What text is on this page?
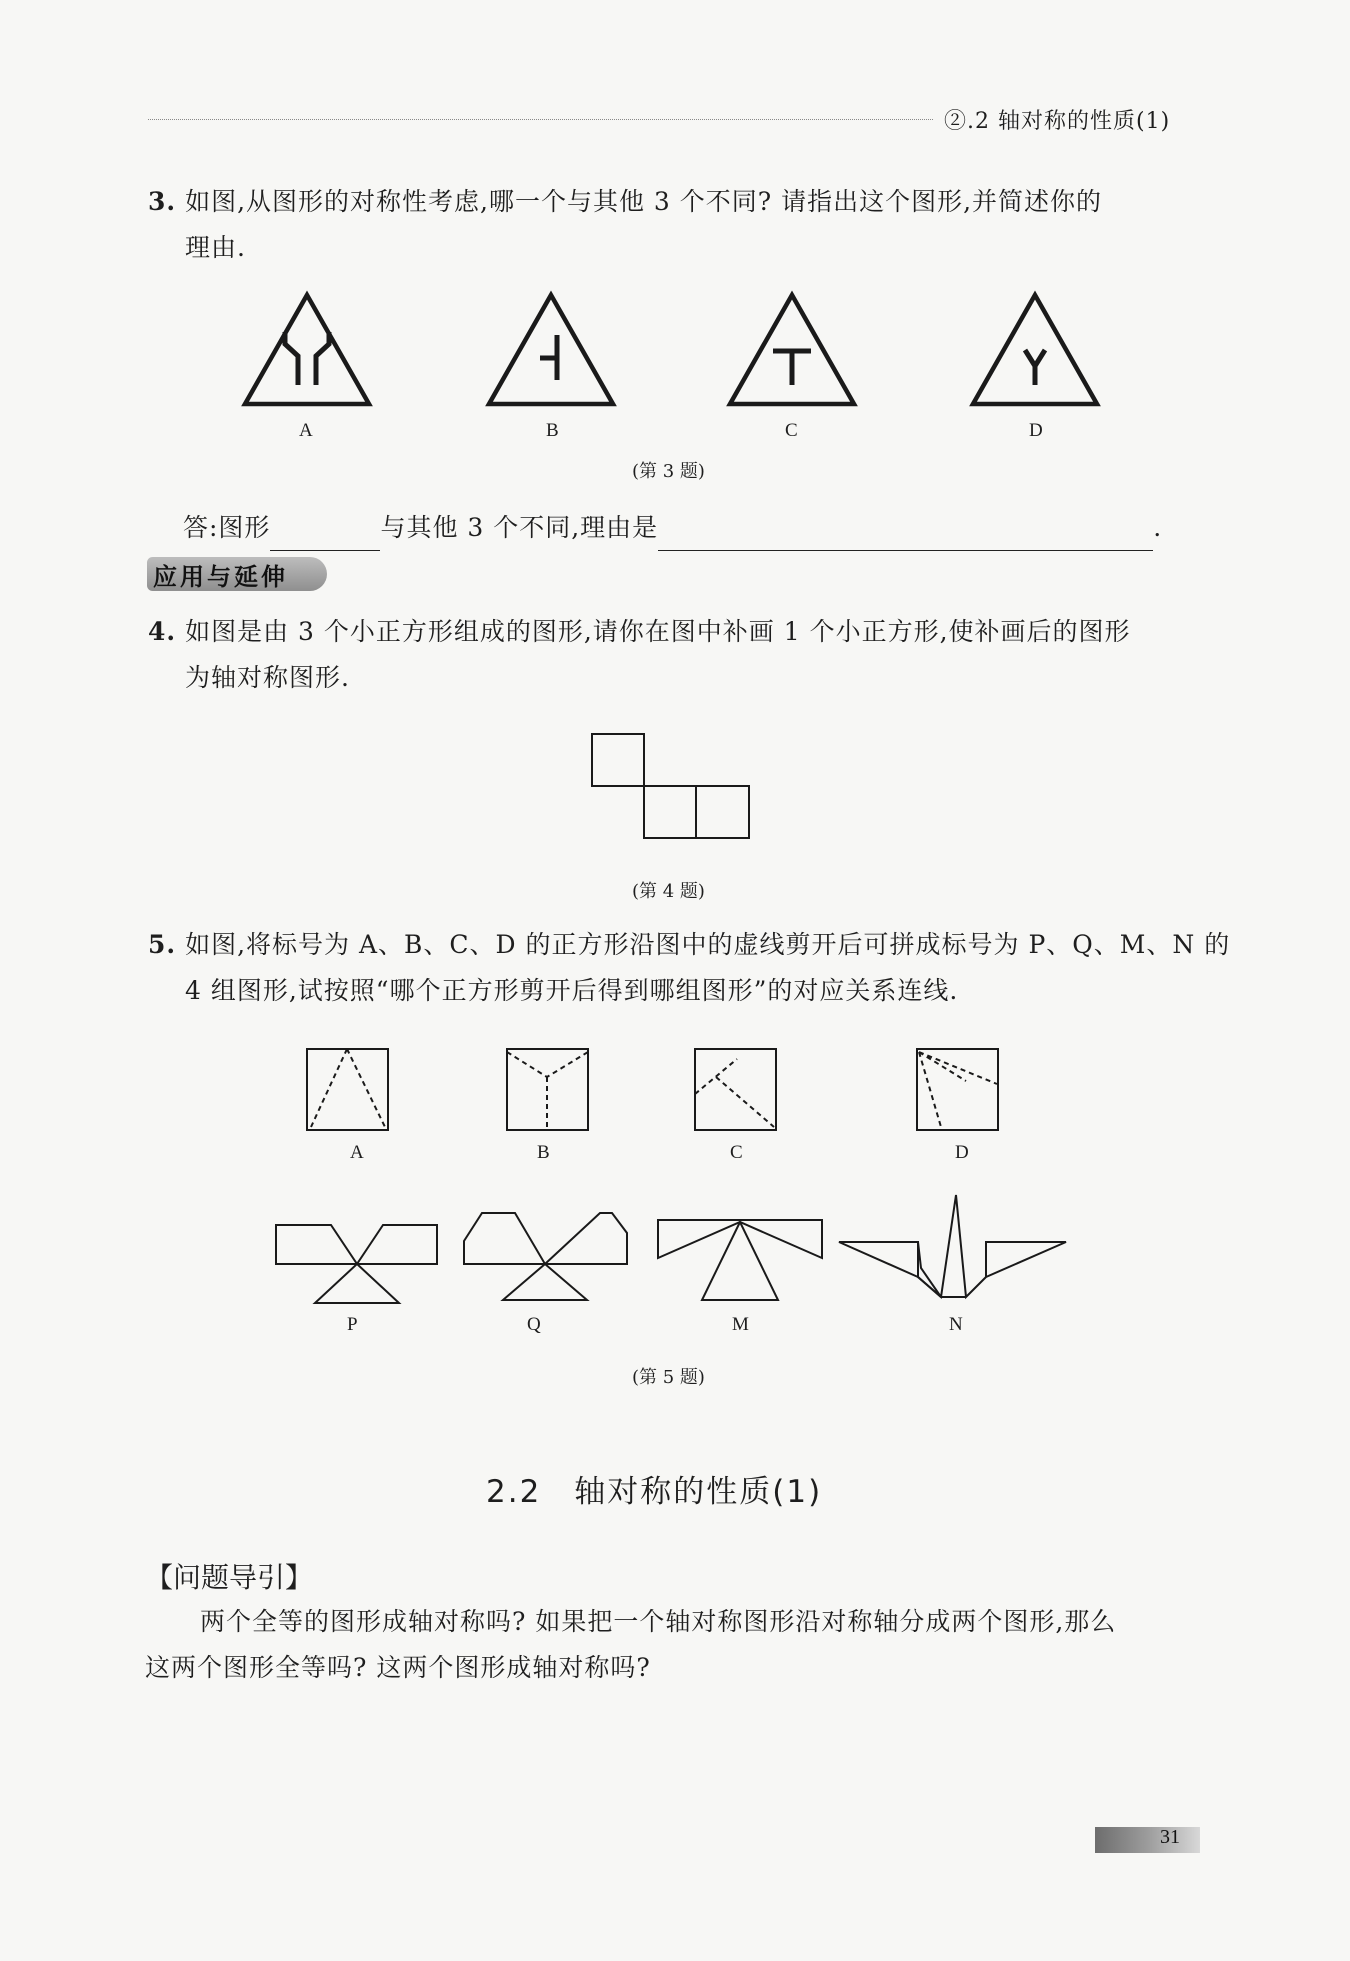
②.2 轴对称的性质(1)
3. 如图,从图形的对称性考虑,哪一个与其他 3 个不同? 请指出这个图形,并简述你的
理由.
A	B	C	D
(第 3 题)
答:图形	与其他 3 个不同,理由是	.
应用与延伸
4. 如图是由 3 个小正方形组成的图形,请你在图中补画 1 个小正方形,使补画后的图形
为轴对称图形.
(第 4 题)
5. 如图,将标号为 A、B、C、D 的正方形沿图中的虚线剪开后可拼成标号为 P、Q、M、N 的
4 组图形,试按照“哪个正方形剪开后得到哪组图形”的对应关系连线.
A	B	C	D
P	Q	M	N
(第 5 题)
2.2　轴对称的性质(1)
【问题导引】
两个全等的图形成轴对称吗? 如果把一个轴对称图形沿对称轴分成两个图形,那么
这两个图形全等吗? 这两个图形成轴对称吗?
31
